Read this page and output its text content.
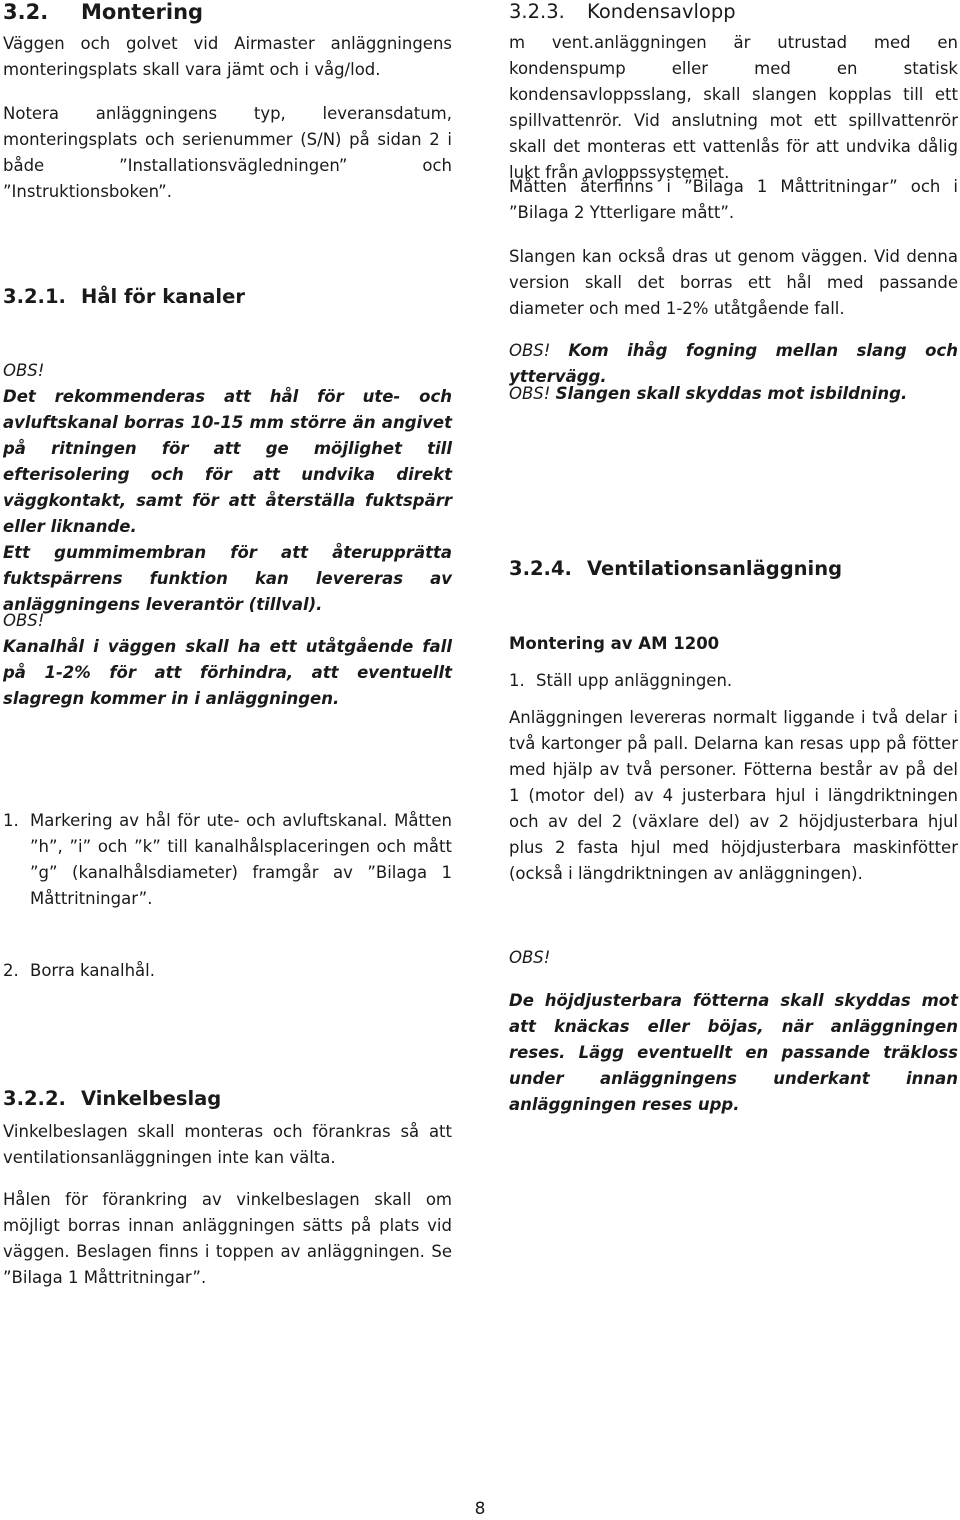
3.2. Montering

Väggen och golvet vid Airmaster anläggningens monteringsplats skall vara jämt och i våg/lod.

Notera anläggningens typ, leveransdatum, monteringsplats och serienummer (S/N) på sidan 2 i både ”Installationsvägledningen” och ”Instruktionsboken”.

3.2.1. Hål för kanaler
OBS!
Det rekommenderas att hål för ute- och avluftskanal borras 10-15 mm större än angivet på ritningen för att ge möjlighet till efterisolering och för att undvika direkt väggkontakt, samt för att återställa fuktspärr eller liknande.
Ett gummimembran för att återupprätta fuktspärrens funktion kan levereras av anläggningens leverantör (tillval).
OBS!
Kanalhål i väggen skall ha ett utåtgående fall på 1-2% för att förhindra, att eventuellt slagregn kommer in i anläggningen.
1. Markering av hål för ute- och avluftskanal. Måtten ”h”, ”i” och ”k” till kanalhålsplaceringen och mått ”g” (kanalhålsdiameter) framgår av ”Bilaga 1 Måttritningar”.
2. Borra kanalhål.
3.2.2. Vinkelbeslag

Vinkelbeslagen skall monteras och förankras så att ventilationsanläggningen inte kan välta.

Hålen för förankring av vinkelbeslagen skall om möjligt borras innan anläggningen sätts på plats vid väggen. Beslagen finns i toppen av anläggningen. Se ”Bilaga 1 Måttritningar”.

3.2.3. Kondensavlopp

m vent.anläggningen är utrustad med en kondenspump eller med en statisk kondensavloppsslang, skall slangen kopplas till ett spillvattenrör. Vid anslutning mot ett spillvattenrör skall det monteras ett vattenlås för att undvika dålig lukt från avloppssystemet.

Måtten återfinns i ”Bilaga 1 Måttritningar” och i ”Bilaga 2 Ytterligare mått”.

Slangen kan också dras ut genom väggen. Vid denna version skall det borras ett hål med passande diameter och med 1-2% utåtgående fall.

OBS! Kom ihåg fogning mellan slang och yttervägg.
OBS! Slangen skall skyddas mot isbildning.
3.2.4. Ventilationsanläggning
Montering av AM 1200
1. Ställ upp anläggningen.

Anläggningen levereras normalt liggande i två delar i två kartonger på pall. Delarna kan resas upp på fötter med hjälp av två personer. Fötterna består av på del 1 (motor del) av 4 justerbara hjul i längdriktningen och av del 2 (växlare del) av 2 höjdjusterbara hjul plus 2 fasta hjul med höjdjusterbara maskinfötter (också i längdriktningen av anläggningen).

OBS!
De höjdjusterbara fötterna skall skyddas mot att knäckas eller böjas, när anläggningen reses. Lägg eventuellt en passande träkloss under anläggningens underkant innan anläggningen reses upp.
8
